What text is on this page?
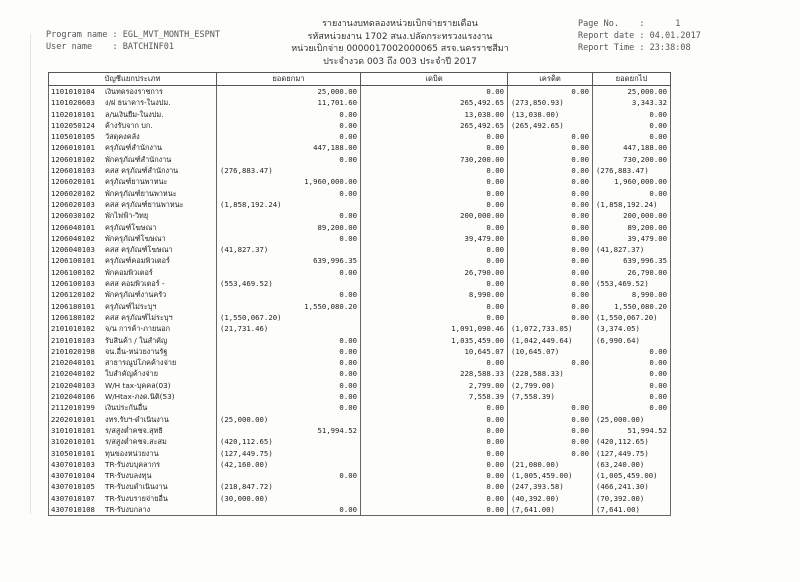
Program name : EGL_MVT_MONTH_ESPNT
User name    : BATCHINF01
รายงานงบทดลองหน่วยเบิกจ่ายรายเดือน
รหัสหน่วยงาน 1702 สนง.ปลัดกระทรวงแรงงาน
หน่วยเบิกจ่าย 0000017002000065 สรจ.นครราชสีมา
ประจำงวด 003 ถึง 003 ประจำปี 2017
Page No.    :      1
Report date : 04.01.2017
Report Time : 23:38:08
บัญชีแยกประเภท	ยอดยกมา	เดบิต	เครดิต	ยอดยกไป
1101010104 เงินทดรองราชการ	25,000.00	0.00	0.00	25,000.00
1101020603 ง/ฝ ธนาคาร-ในงปม.	11,701.60	265,492.65	(273,850.93)	3,343.32
1102010101 ล/นเงินยืม-ในงปม.	0.00	13,038.00	(13,038.00)	0.00
1102050124 ค้างรับจาก บก.	0.00	265,492.65	(265,492.65)	0.00
1105010105 วัสดุคงคลัง	0.00	0.00	0.00	0.00
1206010101 ครุภัณฑ์สำนักงาน	447,188.00	0.00	0.00	447,188.00
1206010102 พักครุภัณฑ์สำนักงาน	0.00	730,200.00	0.00	730,200.00
1206010103 คสส ครุภัณฑ์สำนักงาน	(276,883.47)	0.00	0.00	(276,883.47)
1206020101 ครุภัณฑ์ยานพาหนะ	1,960,000.00	0.00	0.00	1,960,000.00
1206020102 พักครุภัณฑ์ยานพาหนะ	0.00	0.00	0.00	0.00
1206020103 คสส ครุภัณฑ์ยานพาหนะ	(1,858,192.24)	0.00	0.00	(1,858,192.24)
1206030102 พักไฟฟ้า-วิทยุ	0.00	200,000.00	0.00	200,000.00
1206040101 ครุภัณฑ์โฆษณา	89,200.00	0.00	0.00	89,200.00
1206040102 พักครุภัณฑ์โฆษณา	0.00	39,479.00	0.00	39,479.00
1206040103 คสส ครุภัณฑ์โฆษณา	(41,827.37)	0.00	0.00	(41,827.37)
1206100101 ครุภัณฑ์คอมพิวเตอร์	639,996.35	0.00	0.00	639,996.35
1206100102 พักคอมพิวเตอร์	0.00	26,790.00	0.00	26,790.00
1206100103 คสส คอมพิวเตอร์ -	(553,469.52)	0.00	0.00	(553,469.52)
1206120102 พักครุภัณฑ์งานครัว	0.00	8,990.00	0.00	8,990.00
1206180101 ครุภัณฑ์ไม่ระบุฯ	1,550,080.20	0.00	0.00	1,550,080.20
1206180102 คสส ครุภัณฑ์ไม่ระบุฯ	(1,550,067.20)	0.00	0.00	(1,550,067.20)
2101010102 จ/น การค้า-ภายนอก	(21,731.46)	1,091,090.46	(1,072,733.05)	(3,374.05)
2101010103 รับสินค้า / ในสำคัญ	0.00	1,035,459.00	(1,042,449.64)	(6,990.64)
2101020198 จน.อื่น-หน่วยงานรัฐ	0.00	10,645.07	(10,645.07)	0.00
2102040101 สาธารณูปโภคค้างจ่าย	0.00	0.00	0.00	0.00
2102040102 ใบสำคัญค้างจ่าย	0.00	228,588.33	(228,588.33)	0.00
2102040103 W/H tax-บุคคล(03)	0.00	2,799.00	(2,799.00)	0.00
2102040106 W/Htax-ภงด.นิติ(53)	0.00	7,558.39	(7,558.39)	0.00
2112010199 เงินประกันอื่น	0.00	0.00	0.00	0.00
2202010101 งทร.รับฯ-ดำเนินงาน	(25,000.00)	0.00	0.00	(25,000.00)
3101010101 ร/สสูงต่ำคชจ.สุทธิ	51,994.52	0.00	0.00	51,994.52
3102010101 ร/สสูงต่ำคชจ.สะสม	(420,112.65)	0.00	0.00	(420,112.65)
3105010101 ทุนของหน่วยงาน	(127,449.75)	0.00	0.00	(127,449.75)
4307010103 TR-รับงบบุคลากร	(42,160.00)	0.00	(21,080.00)	(63,240.00)
4307010104 TR-รับงบลงทุน	0.00	0.00	(1,005,459.00)	(1,005,459.00)
4307010105 TR-รับงบดำเนินงาน	(218,847.72)	0.00	(247,393.58)	(466,241.30)
4307010107 TR-รับงบรายจ่ายอื่น	(30,000.00)	0.00	(40,392.00)	(70,392.00)
4307010108 TR-รับงบกลาง	0.00	0.00	(7,641.00)	(7,641.00)
